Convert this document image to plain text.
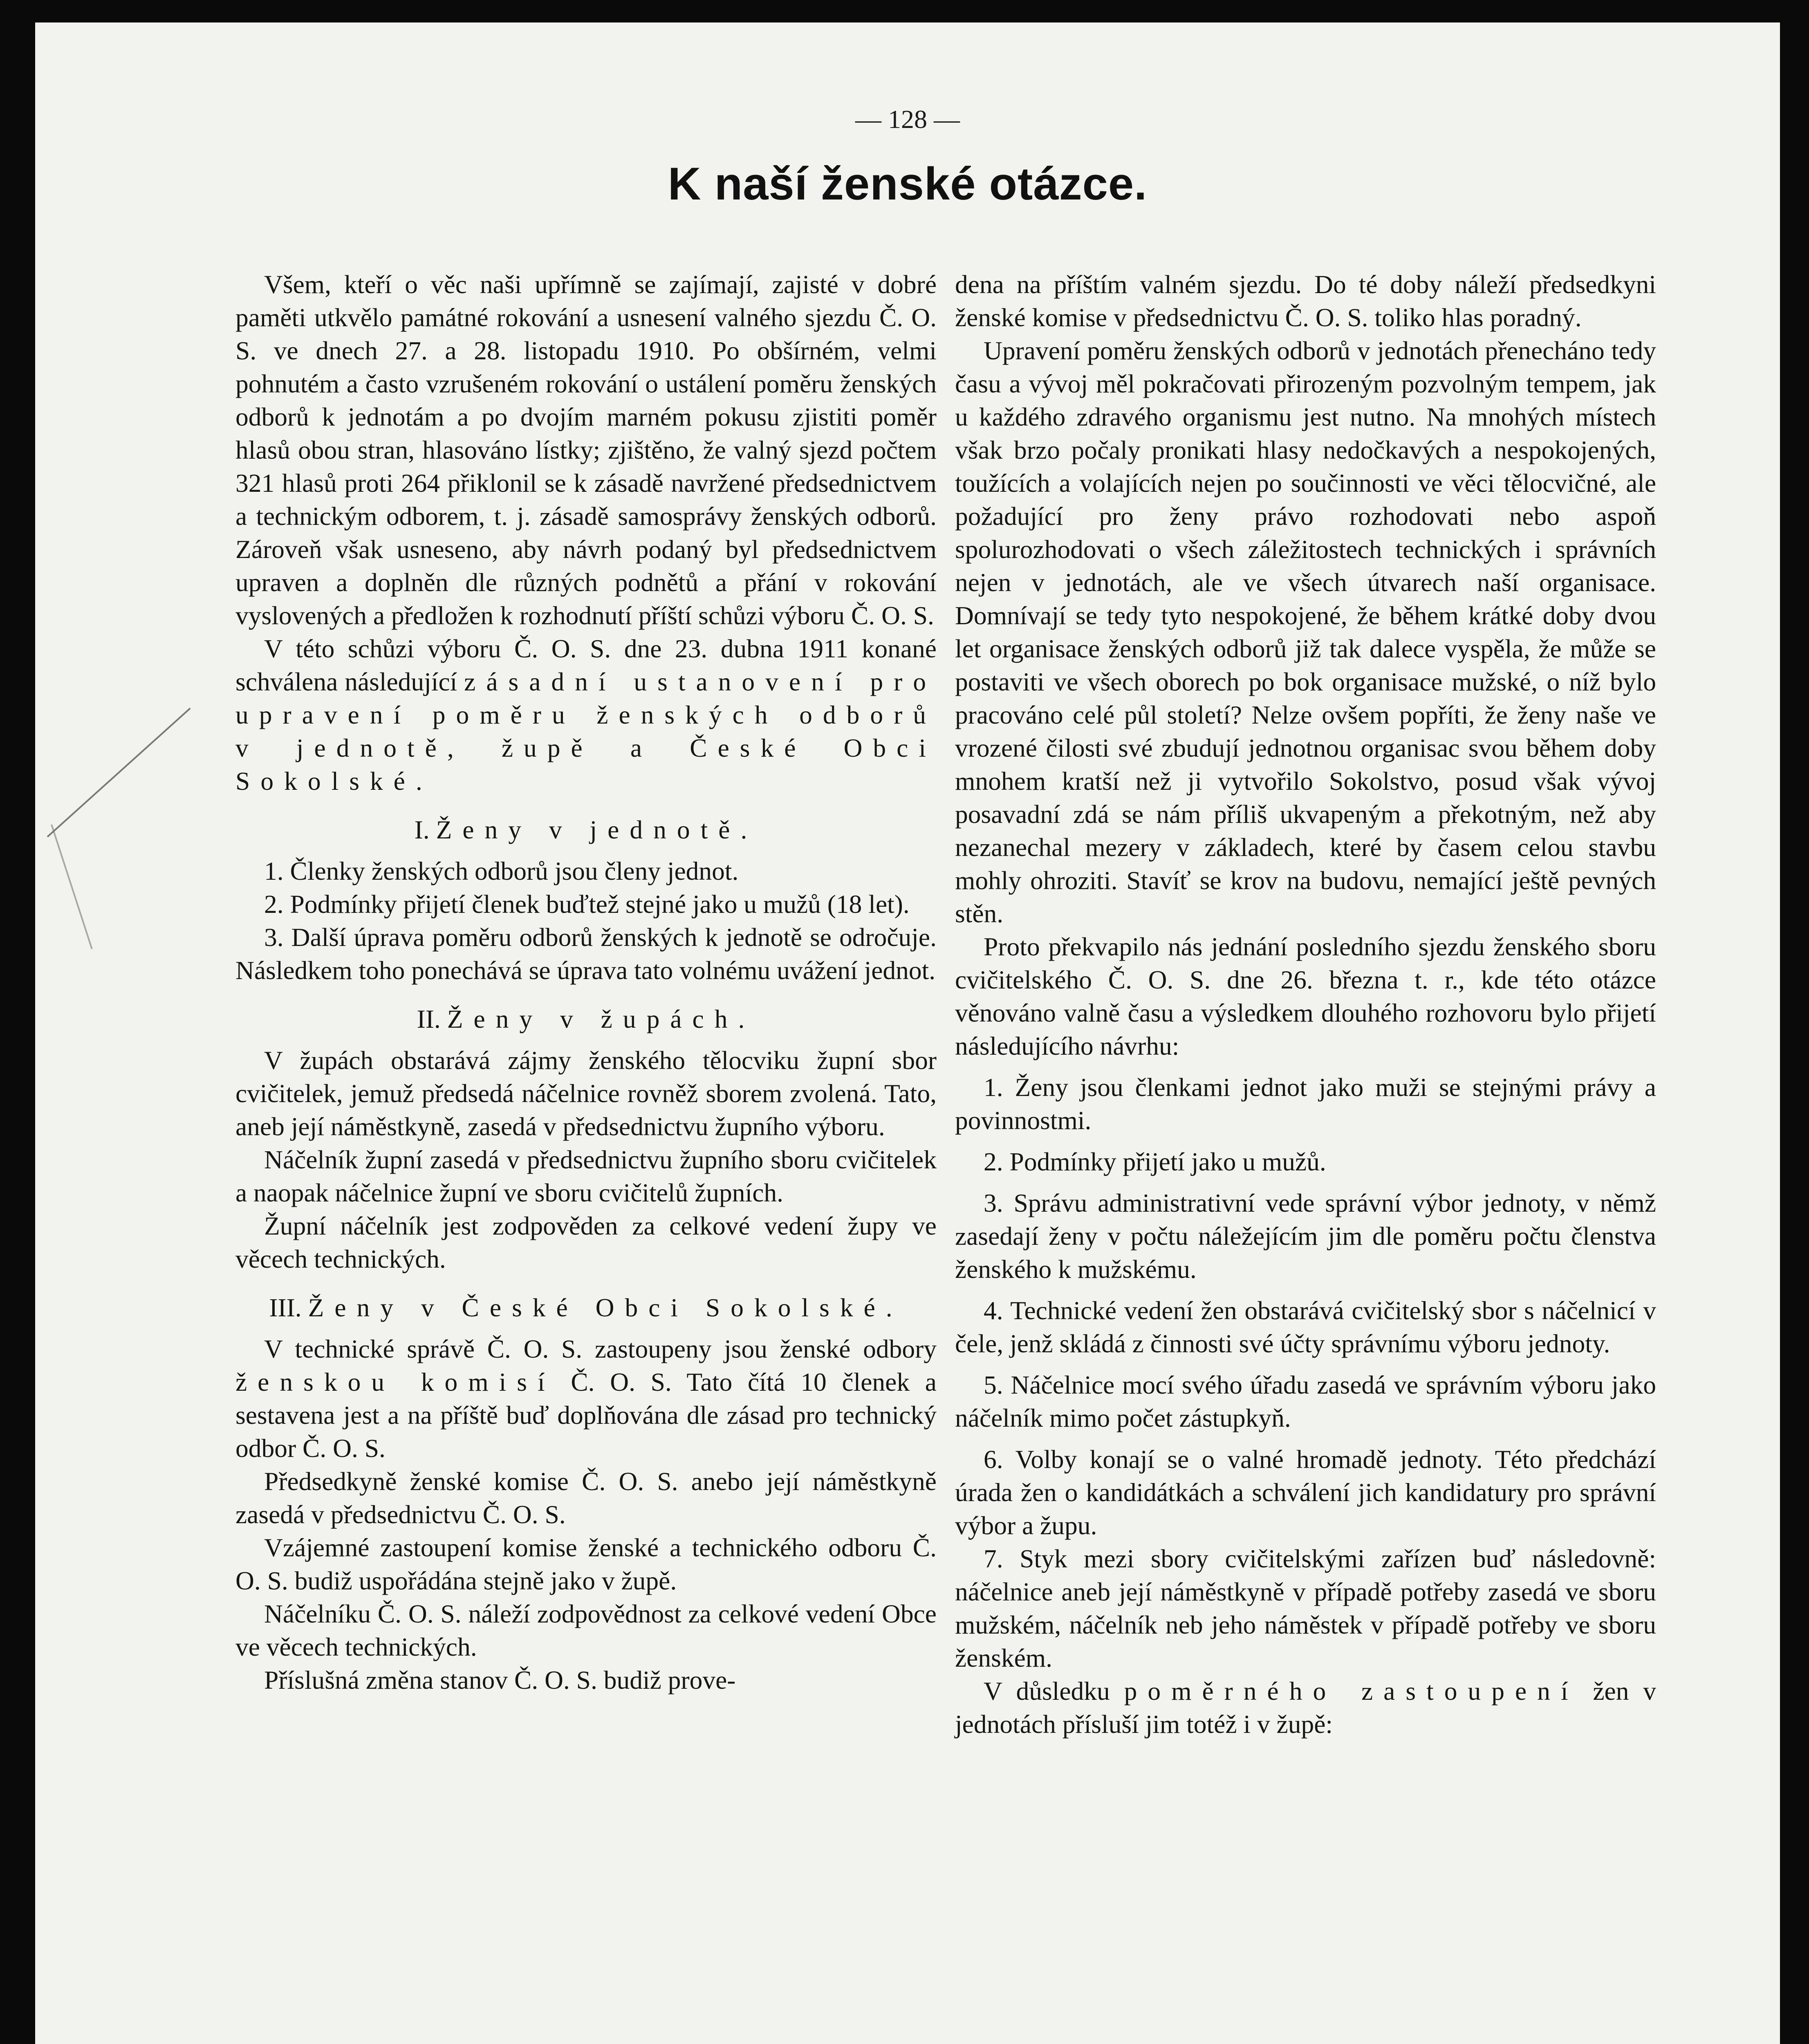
— 128 —
K naší ženské otázce.

Všem, kteří o věc naši upřímně se zajímají, zajisté v dobré paměti utkvělo památné rokování a usnesení valného sjezdu Č. O. S. ve dnech 27. a 28. listopadu 1910. Po obšírném, velmi pohnutém a často vzrušeném rokování o ustálení poměru ženských odborů k jednotám a po dvojím marném pokusu zjistiti poměr hlasů obou stran, hlasováno lístky; zjištěno, že valný sjezd počtem 321 hlasů proti 264 přiklonil se k zásadě navržené předsednictvem a technickým odborem, t. j. zásadě samosprávy ženských odborů. Zároveň však usneseno, aby návrh podaný byl předsednictvem upraven a doplněn dle různých podnětů a přání v rokování vyslovených a předložen k rozhodnutí příští schůzi výboru Č. O. S.

V této schůzi výboru Č. O. S. dne 23. dubna 1911 konané schválena následující zásadní ustanovení pro upravení poměru ženských odborů v jednotě, župě a České Obci Sokolské.

I. Ženy v jednotě.

1. Členky ženských odborů jsou členy jednot.

2. Podmínky přijetí členek buďtež stejné jako u mužů (18 let).

3. Další úprava poměru odborů ženských k jednotě se odročuje. Následkem toho ponechává se úprava tato volnému uvážení jednot.

II. Ženy v župách.

V župách obstarává zájmy ženského tělocviku župní sbor cvičitelek, jemuž předsedá náčelnice rovněž sborem zvolená. Tato, aneb její náměstkyně, zasedá v předsednictvu župního výboru.

Náčelník župní zasedá v předsednictvu župního sboru cvičitelek a naopak náčelnice župní ve sboru cvičitelů župních.

Župní náčelník jest zodpověden za celkové vedení župy ve věcech technických.

III. Ženy v České Obci Sokolské.

V technické správě Č. O. S. zastoupeny jsou ženské odbory ženskou komisí Č. O. S. Tato čítá 10 členek a sestavena jest a na příště buď doplňována dle zásad pro technický odbor Č. O. S.

Předsedkyně ženské komise Č. O. S. anebo její náměstkyně zasedá v předsednictvu Č. O. S.

Vzájemné zastoupení komise ženské a technického odboru Č. O. S. budiž uspořádána stejně jako v župě.

Náčelníku Č. O. S. náleží zodpovědnost za celkové vedení Obce ve věcech technických.

Příslušná změna stanov Č. O. S. budiž prove-

dena na příštím valném sjezdu. Do té doby náleží předsedkyni ženské komise v předsednictvu Č. O. S. toliko hlas poradný.

Upravení poměru ženských odborů v jednotách přenecháno tedy času a vývoj měl pokračovati přirozeným pozvolným tempem, jak u každého zdravého organismu jest nutno. Na mnohých místech však brzo počaly pronikati hlasy nedočkavých a nespokojených, toužících a volajících nejen po součinnosti ve věci tělocvičné, ale požadující pro ženy právo rozhodovati nebo aspoň spolurozhodovati o všech záležitostech technických i správních nejen v jednotách, ale ve všech útvarech naší organisace. Domnívají se tedy tyto nespokojené, že během krátké doby dvou let organisace ženských odborů již tak dalece vyspěla, že může se postaviti ve všech oborech po bok organisace mužské, o níž bylo pracováno celé půl století? Nelze ovšem popříti, že ženy naše ve vrozené čilosti své zbudují jednotnou organisac svou během doby mnohem kratší než ji vytvořilo Sokolstvo, posud však vývoj posavadní zdá se nám příliš ukvapeným a překotným, než aby nezanechal mezery v základech, které by časem celou stavbu mohly ohroziti. Stavíť se krov na budovu, nemající ještě pevných stěn.

Proto překvapilo nás jednání posledního sjezdu ženského sboru cvičitelského Č. O. S. dne 26. března t. r., kde této otázce věnováno valně času a výsledkem dlouhého rozhovoru bylo přijetí následujícího návrhu:

1. Ženy jsou členkami jednot jako muži se stejnými právy a povinnostmi.

2. Podmínky přijetí jako u mužů.

3. Správu administrativní vede správní výbor jednoty, v němž zasedají ženy v počtu náležejícím jim dle poměru počtu členstva ženského k mužskému.

4. Technické vedení žen obstarává cvičitelský sbor s náčelnicí v čele, jenž skládá z činnosti své účty správnímu výboru jednoty.

5. Náčelnice mocí svého úřadu zasedá ve správním výboru jako náčelník mimo počet zástupkyň.

6. Volby konají se o valné hromadě jednoty. Této předchází úrada žen o kandidátkách a schválení jich kandidatury pro správní výbor a župu.

7. Styk mezi sbory cvičitelskými zařízen buď následovně: náčelnice aneb její náměstkyně v případě potřeby zasedá ve sboru mužském, náčelník neb jeho náměstek v případě potřeby ve sboru ženském.

V důsledku poměrného zastoupení žen v jednotách přísluší jim totéž i v župě:
